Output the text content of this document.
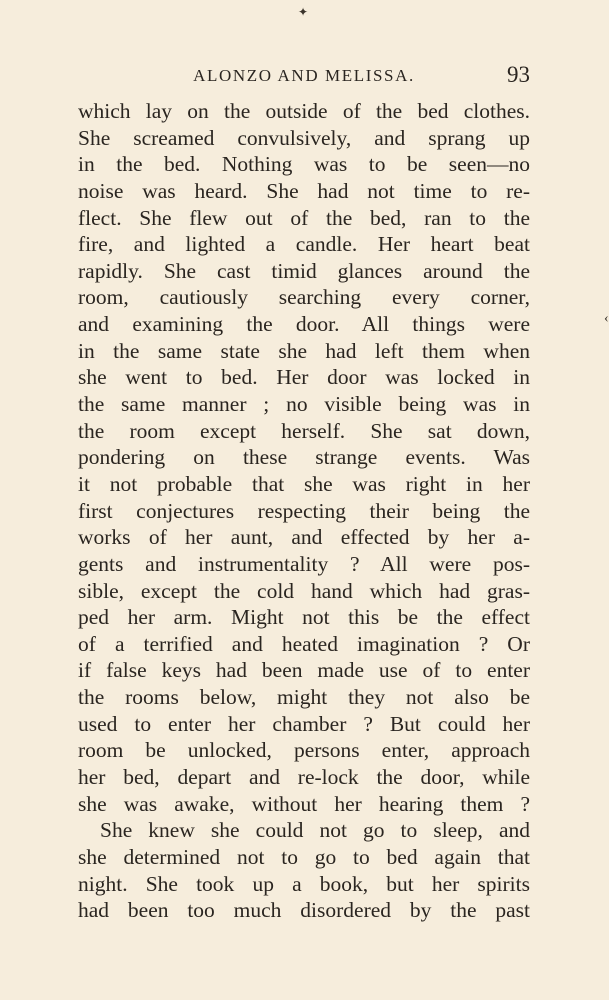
✦
ALONZO AND MELISSA.	93
‹
which lay on the outside of the bed clothes.
She screamed convulsively, and sprang up
in the bed. Nothing was to be seen—no
noise was heard. She had not time to re-
flect. She flew out of the bed, ran to the
fire, and lighted a candle. Her heart beat
rapidly. She cast timid glances around the
room, cautiously searching every corner,
and examining the door. All things were
in the same state she had left them when
she went to bed. Her door was locked in
the same manner ; no visible being was in
the room except herself. She sat down,
pondering on these strange events. Was
it not probable that she was right in her
first conjectures respecting their being the
works of her aunt, and effected by her a-
gents and instrumentality ? All were pos-
sible, except the cold hand which had gras-
ped her arm. Might not this be the effect
of a terrified and heated imagination ? Or
if false keys had been made use of to enter
the rooms below, might they not also be
used to enter her chamber ? But could her
room be unlocked, persons enter, approach
her bed, depart and re-lock the door, while
she was awake, without her hearing them ?
She knew she could not go to sleep, and
she determined not to go to bed again that
night. She took up a book, but her spirits
had been too much disordered by the past
